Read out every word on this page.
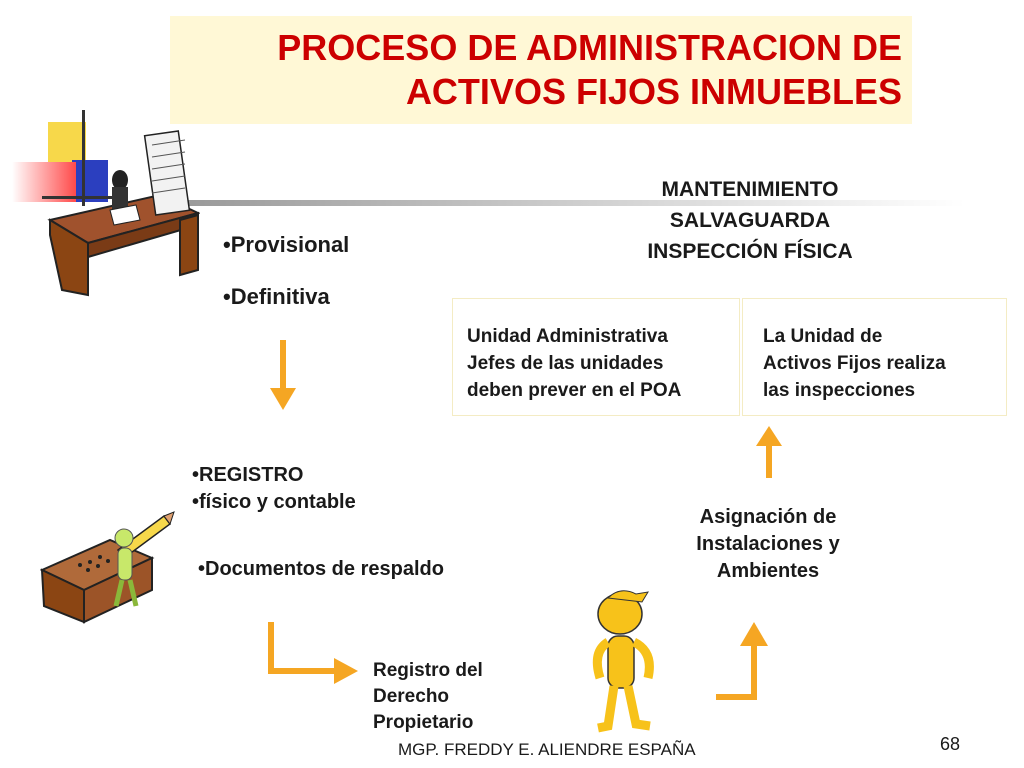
PROCESO DE ADMINISTRACION DE
ACTIVOS FIJOS INMUEBLES
•Provisional
•Definitiva
•REGISTRO
•físico y contable
•Documentos de respaldo
Registro del
Derecho
Propietario
Asignación de
Instalaciones y
Ambientes
MANTENIMIENTO
SALVAGUARDA
INSPECCIÓN FÍSICA
Unidad Administrativa
Jefes de las unidades
deben prever en el POA
La Unidad de
Activos Fijos realiza
las inspecciones
MGP. FREDDY E. ALIENDRE ESPAÑA	68
